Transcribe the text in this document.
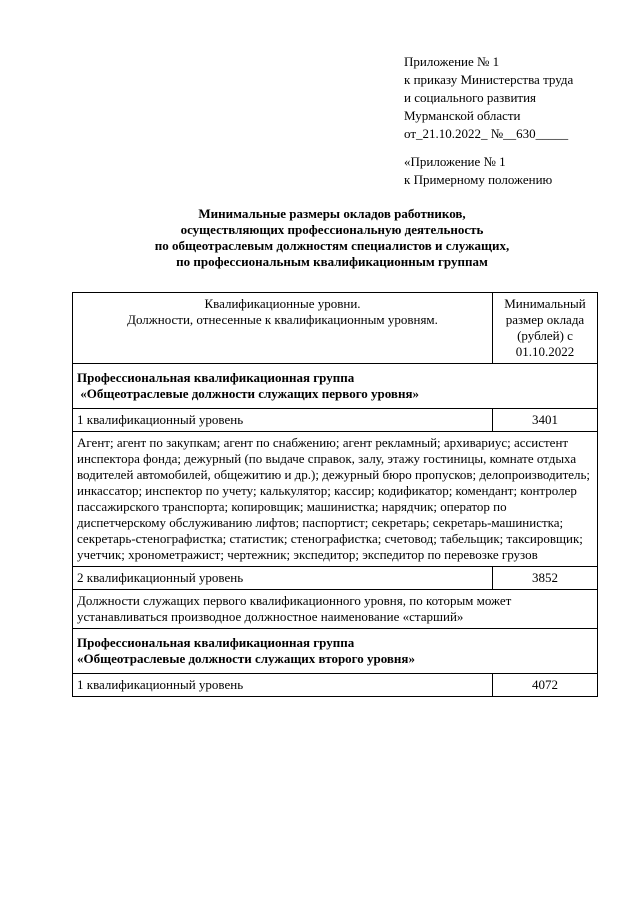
Приложение № 1
к приказу Министерства труда
и социального развития
Мурманской области
от_21.10.2022_ №__630_____
«Приложение № 1
к Примерному положению
Минимальные размеры окладов работников,
осуществляющих профессиональную деятельность
по общеотраслевым должностям специалистов и служащих,
по профессиональным квалификационным группам
Квалификационные уровни.
Должности, отнесенные к квалификационным уровням.	Минимальный
размер оклада
(рублей) с
01.10.2022

Профессиональная квалификационная группа
«Общеотраслевые должности служащих первого уровня»	

1 квалификационный уровень	3401
Агент; агент по закупкам; агент по снабжению; агент рекламный; архивариус; ассистент инспектора фонда; дежурный (по выдаче справок, залу, этажу гостиницы, комнате отдыха водителей автомобилей, общежитию и др.); дежурный бюро пропусков; делопроизводитель; инкассатор; инспектор по учету; калькулятор; кассир; кодификатор; комендант; контролер пассажирского транспорта; копировщик; машинистка; нарядчик; оператор по диспетчерскому обслуживанию лифтов; паспортист; секретарь; секретарь-машинистка; секретарь-стенографистка; статистик; стенографистка; счетовод; табельщик; таксировщик; учетчик; хронометражист; чертежник; экспедитор; экспедитор по перевозке грузов	
2 квалификационный уровень	3852
Должности служащих первого квалификационного уровня, по которым может устанавливаться производное должностное наименование «старший»	

Профессиональная квалификационная группа
«Общеотраслевые должности служащих второго уровня»	

1 квалификационный уровень	4072
